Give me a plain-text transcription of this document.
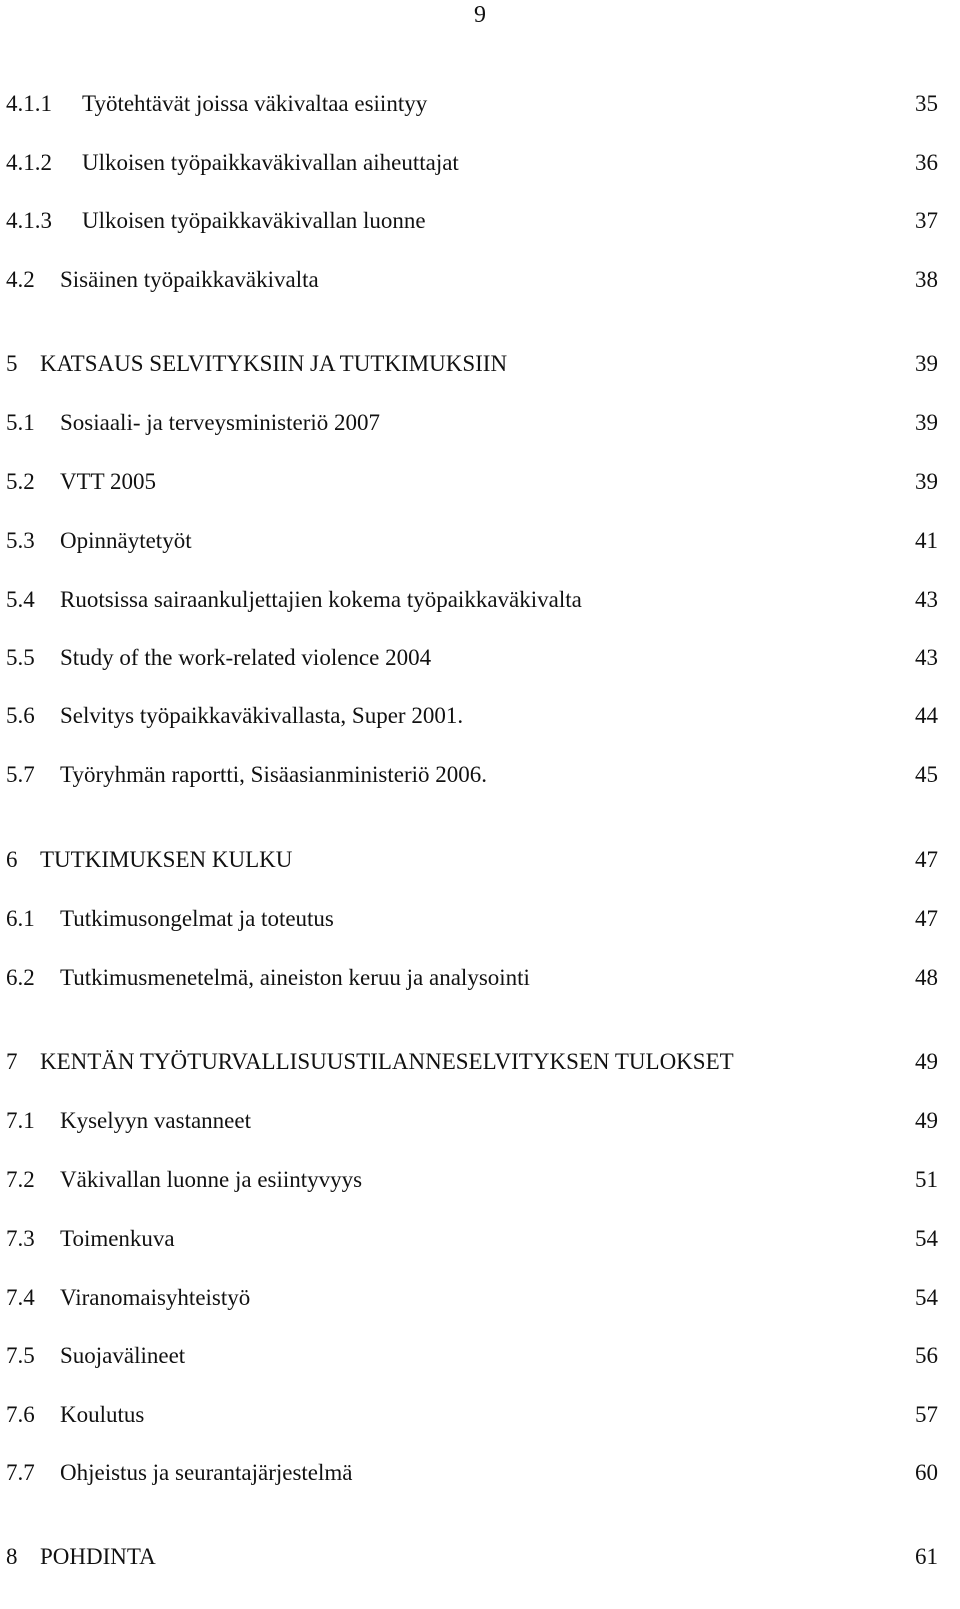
9
4.1.1	Työtehtävät joissa väkivaltaa esiintyy	35
4.1.2	Ulkoisen työpaikkaväkivallan aiheuttajat	36
4.1.3	Ulkoisen työpaikkaväkivallan luonne	37
4.2	Sisäinen työpaikkaväkivalta	38
5 KATSAUS SELVITYKSIIN JA TUTKIMUKSIIN	39
5.1	Sosiaali- ja terveysministeriö 2007	39
5.2	VTT 2005	39
5.3	Opinnäytetyöt	41
5.4	Ruotsissa sairaankuljettajien kokema työpaikkaväkivalta	43
5.5	Study of the work-related violence 2004	43
5.6	Selvitys työpaikkaväkivallasta, Super 2001.	44
5.7	Työryhmän raportti, Sisäasianministeriö 2006.	45
6 TUTKIMUKSEN KULKU	47
6.1	Tutkimusongelmat ja toteutus	47
6.2	Tutkimusmenetelmä, aineiston keruu ja analysointi	48
7 KENTÄN TYÖTURVALLISUUSTILANNESELVITYKSEN TULOKSET	49
7.1	Kyselyyn vastanneet	49
7.2	Väkivallan luonne ja esiintyvyys	51
7.3	Toimenkuva	54
7.4	Viranomaisyhteistyö	54
7.5	Suojavälineet	56
7.6	Koulutus	57
7.7	Ohjeistus ja seurantajärjestelmä	60
8 POHDINTA	61
